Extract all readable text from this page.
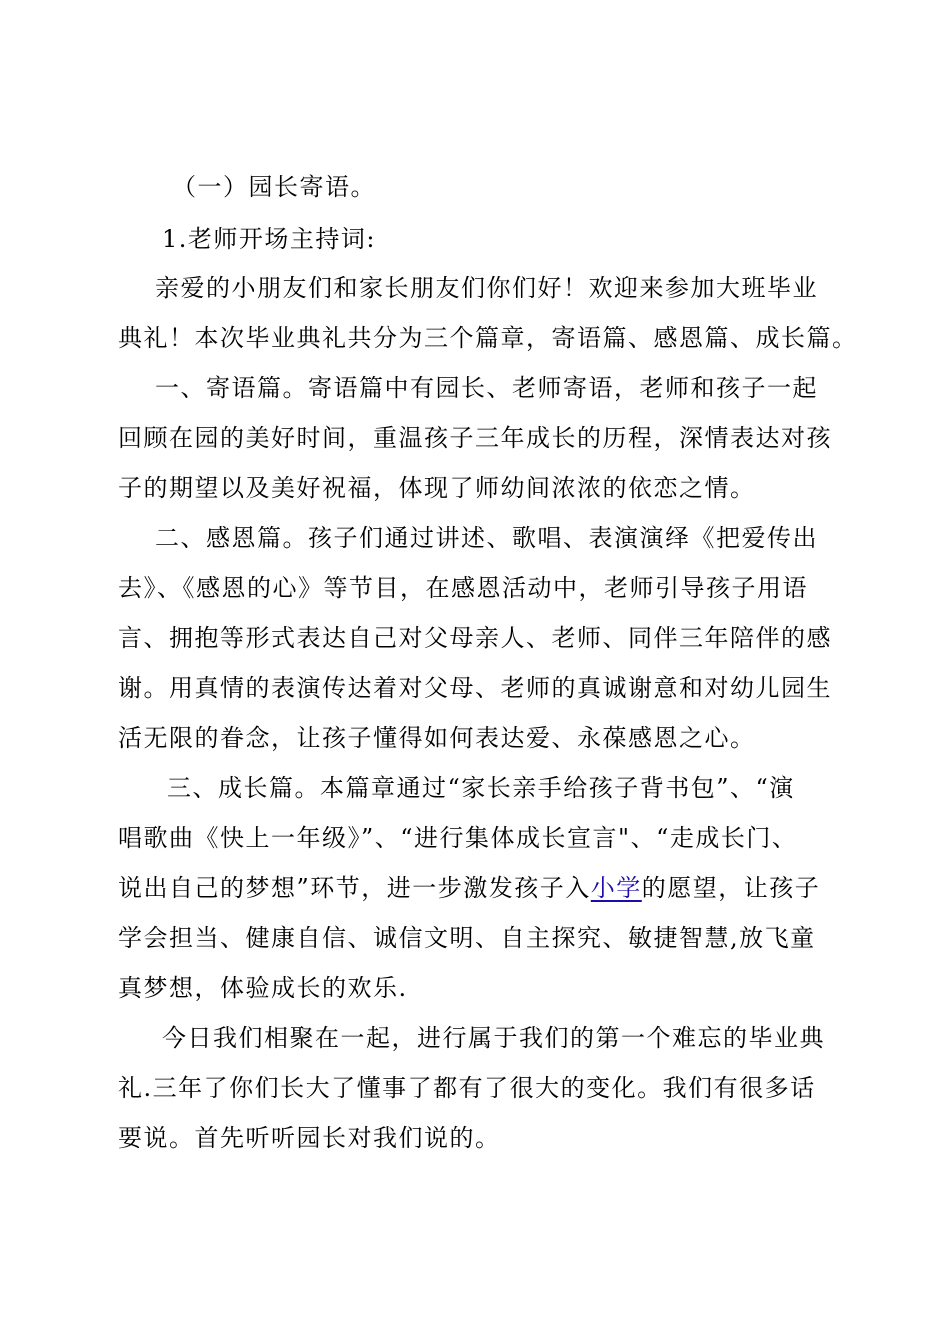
（一）园长寄语。
1.老师开场主持词:
亲爱的小朋友们和家长朋友们你们好！欢迎来参加大班毕业
典礼！本次毕业典礼共分为三个篇章，寄语篇、感恩篇、成长篇。
一、寄语篇。寄语篇中有园长、老师寄语，老师和孩子一起
回顾在园的美好时间，重温孩子三年成长的历程，深情表达对孩
子的期望以及美好祝福，体现了师幼间浓浓的依恋之情。
二、感恩篇。孩子们通过讲述、歌唱、表演演绎《把爱传出
去》、《感恩的心》等节目，在感恩活动中，老师引导孩子用语
言、拥抱等形式表达自己对父母亲人、老师、同伴三年陪伴的感
谢。用真情的表演传达着对父母、老师的真诚谢意和对幼儿园生
活无限的眷念，让孩子懂得如何表达爱、永葆感恩之心。
三、成长篇。本篇章通过“家长亲手给孩子背书包”、“演
唱歌曲《快上一年级》”、“进行集体成长宣言"、“走成长门、
说出自己的梦想”环节，进一步激发孩子入小学的愿望，让孩子
学会担当、健康自信、诚信文明、自主探究、敏捷智慧,放飞童
真梦想，体验成长的欢乐.
今日我们相聚在一起，进行属于我们的第一个难忘的毕业典
礼.三年了你们长大了懂事了都有了很大的变化。我们有很多话
要说。首先听听园长对我们说的。
